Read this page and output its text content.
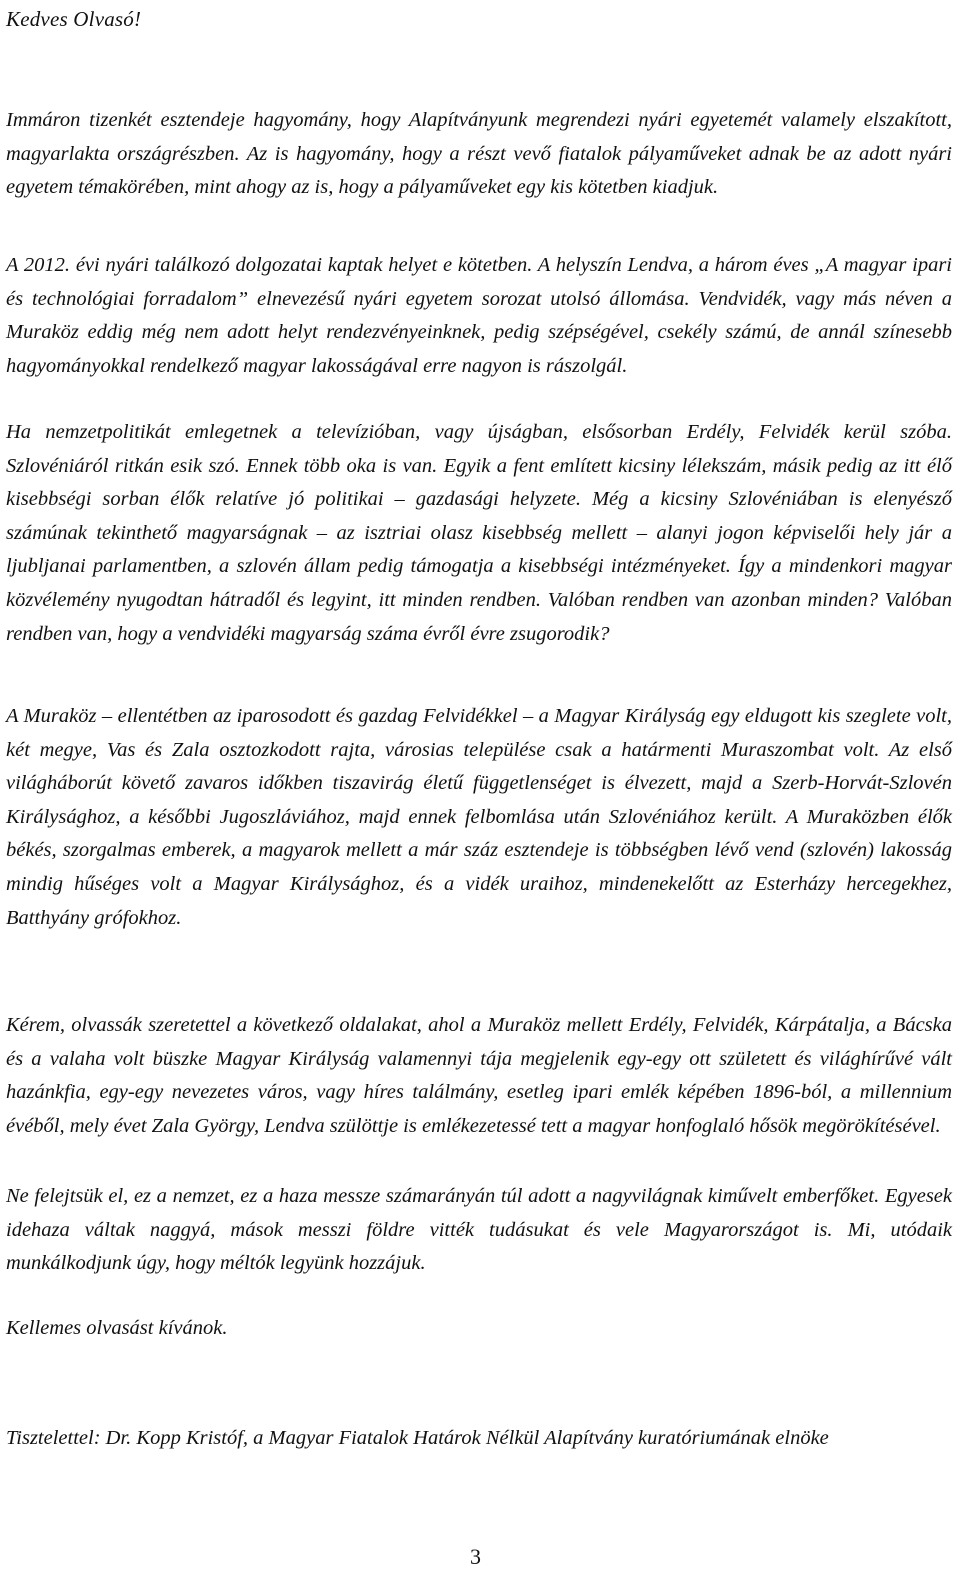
Kedves Olvasó!

Immáron tizenkét esztendeje hagyomány, hogy Alapítványunk megrendezi nyári egyetemét valamely elszakított, magyarlakta országrészben. Az is hagyomány, hogy a részt vevő fiatalok pályaműveket adnak be az adott nyári egyetem témakörében, mint ahogy az is, hogy a pályaműveket egy kis kötetben kiadjuk.

A 2012. évi nyári találkozó dolgozatai kaptak helyet e kötetben. A helyszín Lendva, a három éves „A magyar ipari és technológiai forradalom” elnevezésű nyári egyetem sorozat utolsó állomása. Vendvidék, vagy más néven a Muraköz eddig még nem adott helyt rendezvényeinknek, pedig szépségével, csekély számú, de annál színesebb hagyományokkal rendelkező magyar lakosságával erre nagyon is rászolgál.

Ha nemzetpolitikát emlegetnek a televízióban, vagy újságban, elsősorban Erdély, Felvidék kerül szóba. Szlovéniáról ritkán esik szó. Ennek több oka is van. Egyik a fent említett kicsiny lélekszám, másik pedig az itt élő kisebbségi sorban élők relatíve jó politikai – gazdasági helyzete. Még a kicsiny Szlovéniában is elenyésző számúnak tekinthető magyarságnak – az isztriai olasz kisebbség mellett – alanyi jogon képviselői hely jár a ljubljanai parlamentben, a szlovén állam pedig támogatja a kisebbségi intézményeket. Így a mindenkori magyar közvélemény nyugodtan hátradől és legyint, itt minden rendben. Valóban rendben van azonban minden? Valóban rendben van, hogy a vendvidéki magyarság száma évről évre zsugorodik?

A Muraköz – ellentétben az iparosodott és gazdag Felvidékkel – a Magyar Királyság egy eldugott kis szeglete volt, két megye, Vas és Zala osztozkodott rajta, városias települése csak a határmenti Muraszombat volt. Az első világháborút követő zavaros időkben tiszavirág életű függetlenséget is élvezett, majd a Szerb-Horvát-Szlovén Királysághoz, a későbbi Jugoszláviához, majd ennek felbomlása után Szlovéniához került. A Muraközben élők békés, szorgalmas emberek, a magyarok mellett a már száz esztendeje is többségben lévő vend (szlovén) lakosság mindig hűséges volt a Magyar Királysághoz, és a vidék uraihoz, mindenekelőtt az Esterházy hercegekhez, Batthyány grófokhoz.

Kérem, olvassák szeretettel a következő oldalakat, ahol a Muraköz mellett Erdély, Felvidék, Kárpátalja, a Bácska és a valaha volt büszke Magyar Királyság valamennyi tája megjelenik egy-egy ott született és világhírűvé vált hazánkfia, egy-egy nevezetes város, vagy híres találmány, esetleg ipari emlék képében 1896-ból, a millennium évéből, mely évet Zala György, Lendva szülöttje is emlékezetessé tett a magyar honfoglaló hősök megörökítésével.

Ne felejtsük el, ez a nemzet, ez a haza messze számarányán túl adott a nagyvilágnak kiművelt emberfőket. Egyesek idehaza váltak naggyá, mások messzi földre vitték tudásukat és vele Magyarországot is. Mi, utódaik munkálkodjunk úgy, hogy méltók legyünk hozzájuk.

Kellemes olvasást kívánok.

Tisztelettel: Dr. Kopp Kristóf, a Magyar Fiatalok Határok Nélkül Alapítvány kuratóriumának elnöke

3
